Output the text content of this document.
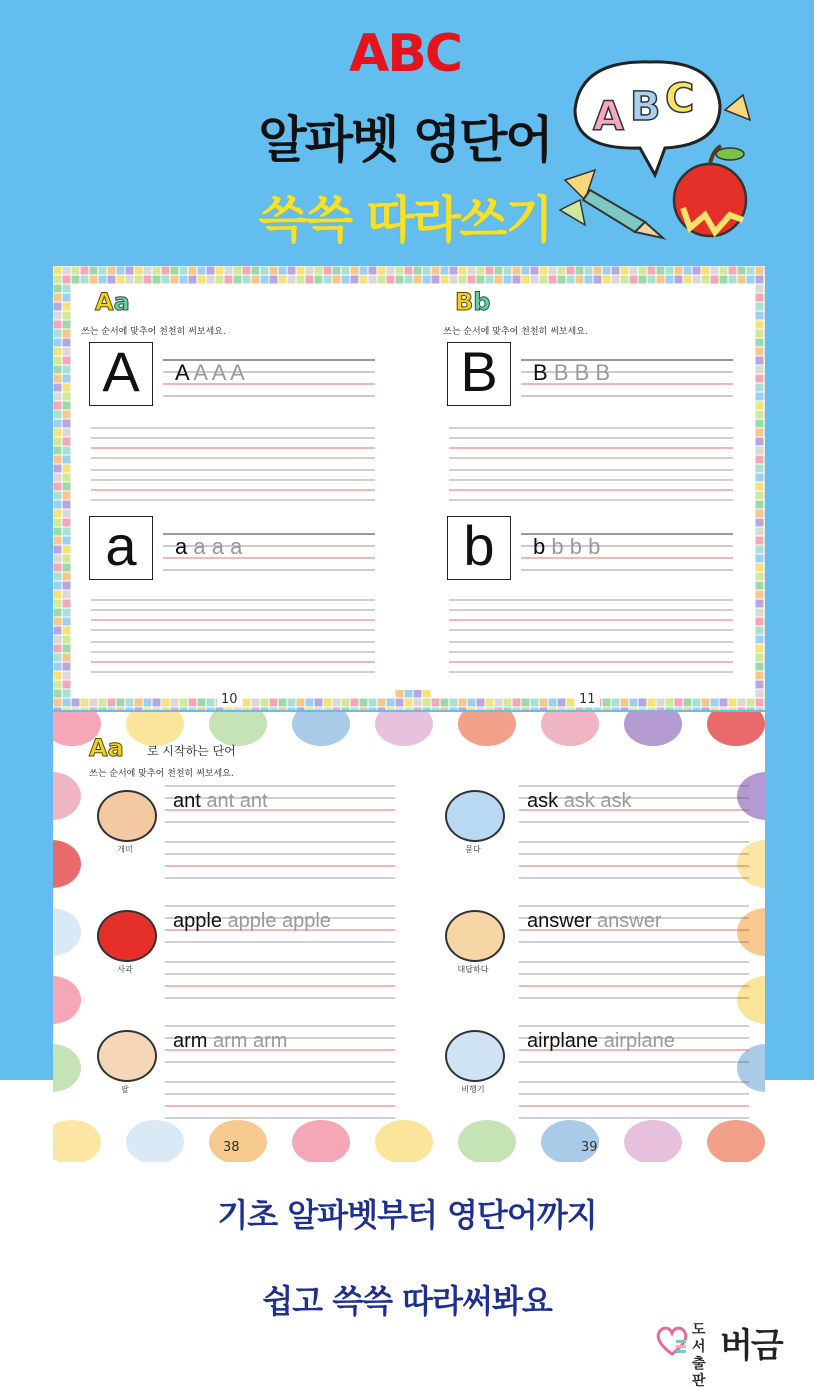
ABC
알파벳 영단어
쓱쓱 따라쓰기
A B C
Aa
쓰는 순서에 맞추어 천천히 써보세요.
A	A A A A
a	a a a a
Bb
쓰는 순서에 맞추어 천천히 써보세요.
B	B B B B
b	b b b b
10	11
Aa 로 시작하는 단어
쓰는 순서에 맞추어 천천히 써보세요.
개미
ant ant ant
사과
apple apple apple
팔
arm arm arm
묻다
ask ask ask
대답하다
answer answer
비행기
airplane airplane
38	39
기초 알파벳부터 영단어까지
쉽고 쓱쓱 따라써봐요
도서출판
버금
